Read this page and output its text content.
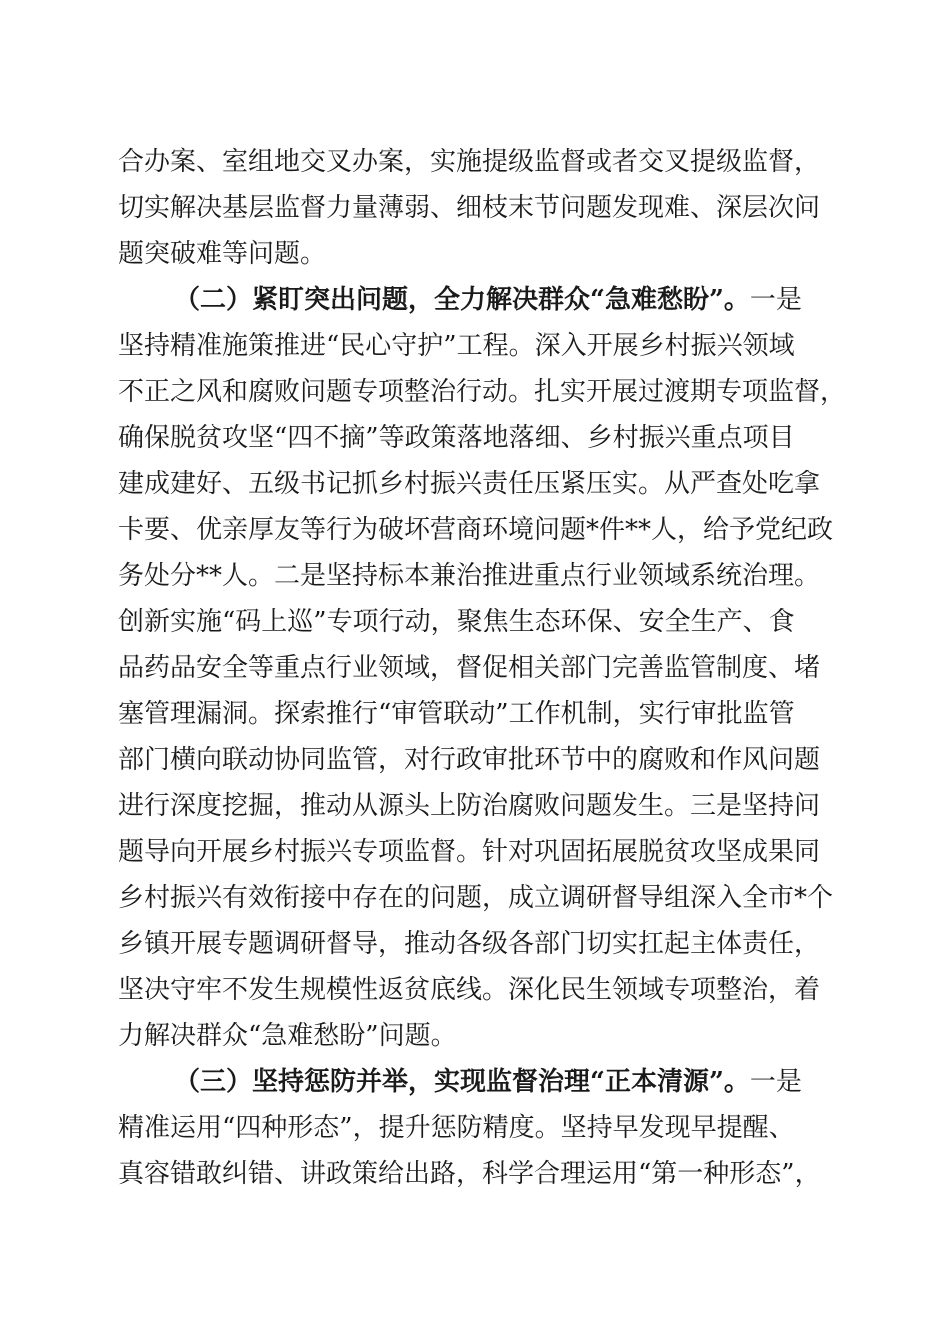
合办案、室组地交叉办案，实施提级监督或者交叉提级监督，
切实解决基层监督力量薄弱、细枝末节问题发现难、深层次问
题突破难等问题。
（二）紧盯突出问题，全力解决群众“急难愁盼”。一是
坚持精准施策推进“民心守护”工程。深入开展乡村振兴领域
不正之风和腐败问题专项整治行动。扎实开展过渡期专项监督，
确保脱贫攻坚“四不摘”等政策落地落细、乡村振兴重点项目
建成建好、五级书记抓乡村振兴责任压紧压实。从严查处吃拿
卡要、优亲厚友等行为破坏营商环境问题*件**人，给予党纪政
务处分**人。二是坚持标本兼治推进重点行业领域系统治理。
创新实施“码上巡”专项行动，聚焦生态环保、安全生产、食
品药品安全等重点行业领域，督促相关部门完善监管制度、堵
塞管理漏洞。探索推行“审管联动”工作机制，实行审批监管
部门横向联动协同监管，对行政审批环节中的腐败和作风问题
进行深度挖掘，推动从源头上防治腐败问题发生。三是坚持问
题导向开展乡村振兴专项监督。针对巩固拓展脱贫攻坚成果同
乡村振兴有效衔接中存在的问题，成立调研督导组深入全市*个
乡镇开展专题调研督导，推动各级各部门切实扛起主体责任，
坚决守牢不发生规模性返贫底线。深化民生领域专项整治，着
力解决群众“急难愁盼”问题。
（三）坚持惩防并举，实现监督治理“正本清源”。一是
精准运用“四种形态”，提升惩防精度。坚持早发现早提醒、
真容错敢纠错、讲政策给出路，科学合理运用“第一种形态”，
